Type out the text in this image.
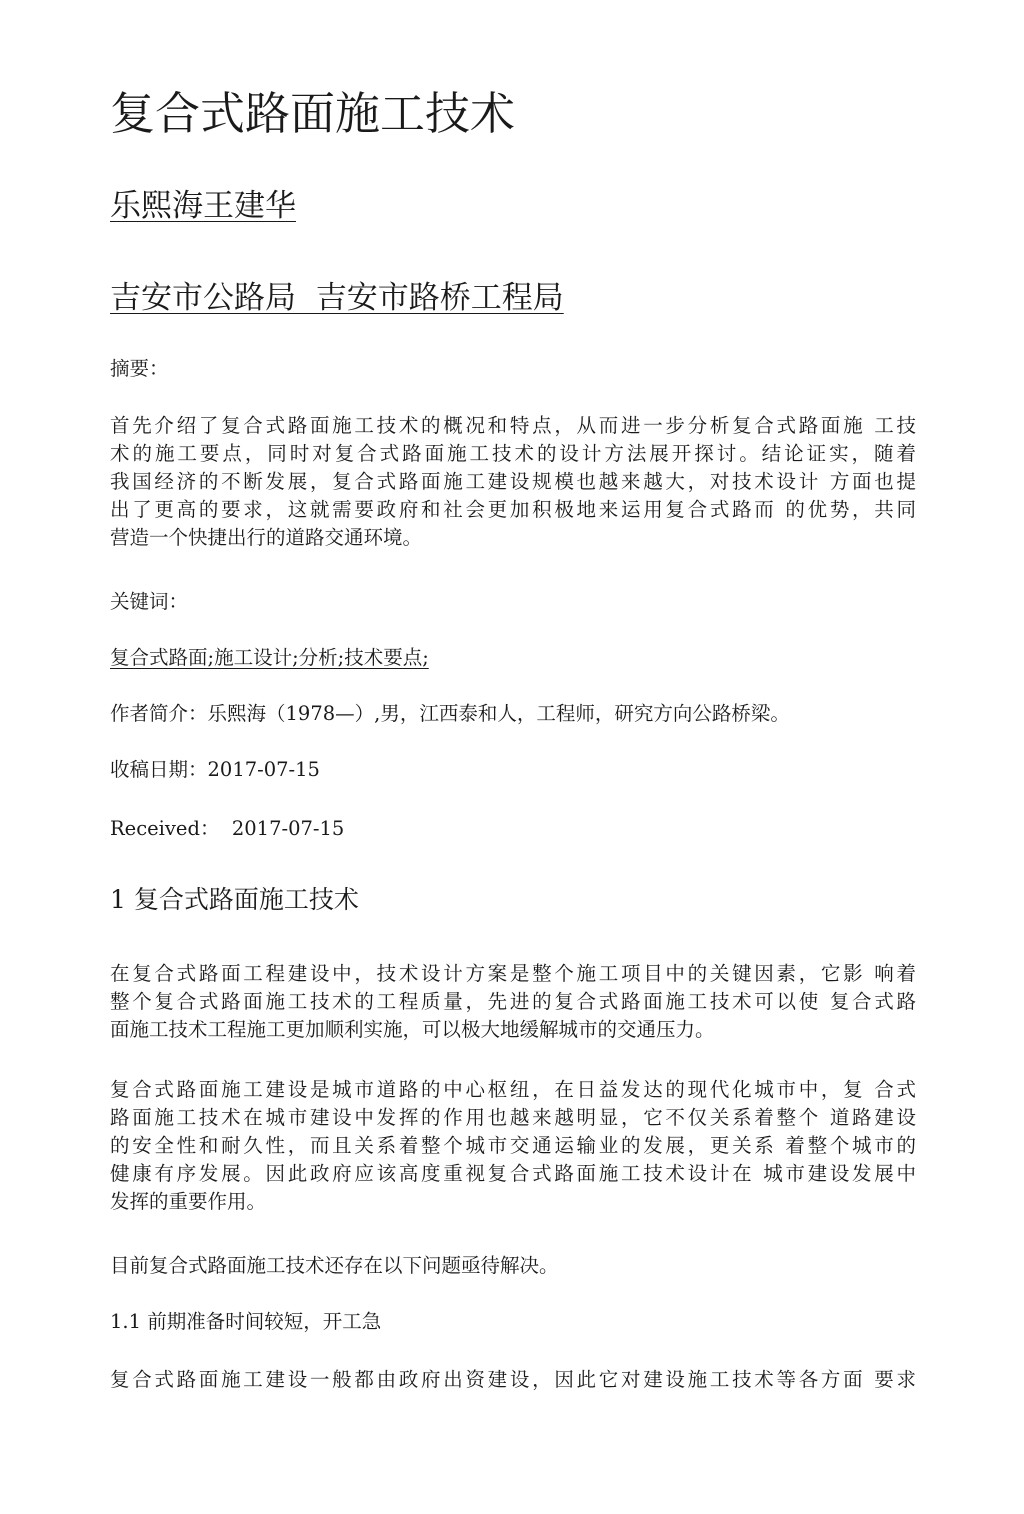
复合式路面施工技术
乐熙海王建华
吉安市公路局  吉安市路桥工程局
摘要：
首先介绍了复合式路面施工技术的概况和特点，从而进一步分析复合式路面施 工技
术的施工要点，同时对复合式路面施工技术的设计方法展开探讨。结论证实，随着
我国经济的不断发展，复合式路面施工建设规模也越来越大，对技术设计 方面也提
出了更高的要求，这就需要政府和社会更加积极地来运用复合式路而 的优势，共同
营造一个快捷出行的道路交通环境。
关键词：
复合式路面;施工设计;分析;技术要点;
作者简介：乐熙海（1978—）,男，江西泰和人，工程师，研究方向公路桥梁。
收稿日期：2017-07-15
Received：  2017-07-15
1 复合式路面施工技术
在复合式路面工程建设中，技术设计方案是整个施工项目中的关键因素，它影 响着
整个复合式路面施工技术的工程质量，先进的复合式路面施工技术可以使 复合式路
面施工技术工程施工更加顺利实施，可以极大地缓解城市的交通压力。
复合式路面施工建设是城市道路的中心枢纽，在日益发达的现代化城市中，复 合式
路面施工技术在城市建设中发挥的作用也越来越明显，它不仅关系着整个 道路建设
的安全性和耐久性，而且关系着整个城市交通运输业的发展，更关系 着整个城市的
健康有序发展。因此政府应该高度重视复合式路面施工技术设计在 城市建设发展中
发挥的重要作用。
目前复合式路面施工技术还存在以下问题亟待解决。
1.1 前期准备时间较短，开工急
复合式路面施工建设一般都由政府出资建设，因此它对建设施工技术等各方面 要求
